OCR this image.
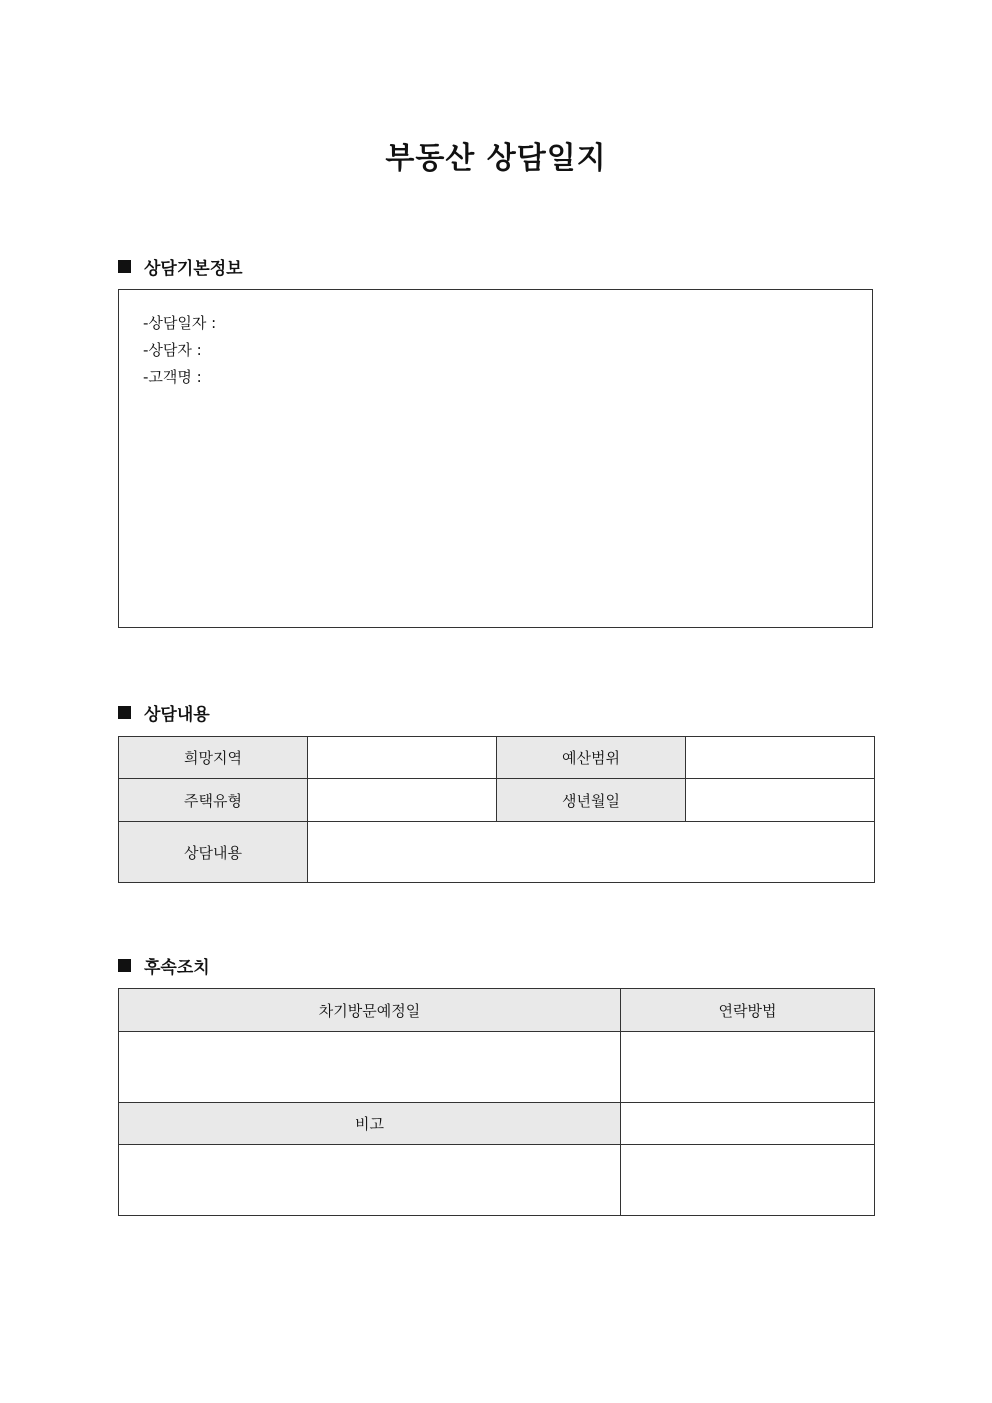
부동산 상담일지
상담기본정보
-상담일자 :
-상담자 :
-고객명 :
상담내용
희망지역		예산범위	
주택유형		생년월일	
상담내용			
후속조치
차기방문예정일	연락방법

비고	
